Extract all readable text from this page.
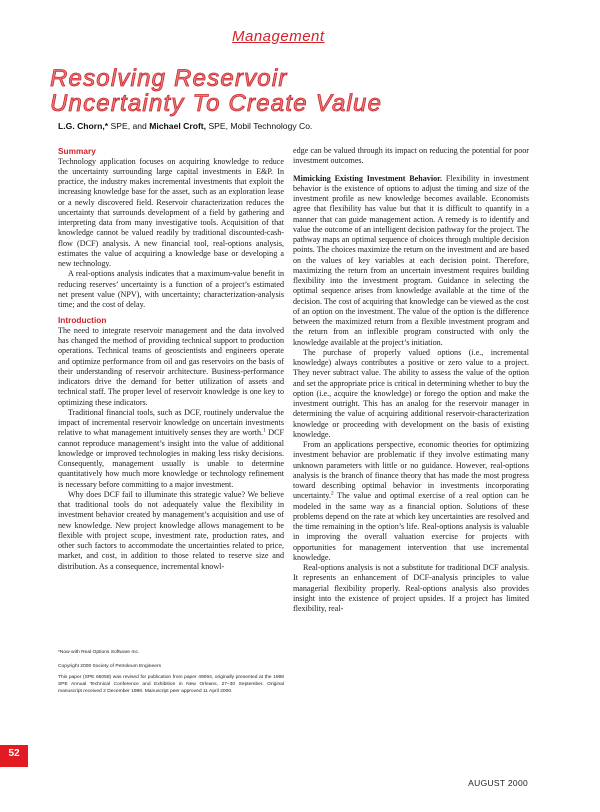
Management
Resolving Reservoir
Uncertainty To Create Value
L.G. Chorn,* SPE, and Michael Croft, SPE, Mobil Technology Co.
Summary

Technology application focuses on acquiring knowledge to reduce the uncertainty surrounding large capital investments in E&P. In practice, the industry makes incremental investments that exploit the increasing knowledge base for the asset, such as an exploration lease or a newly discovered field. Reservoir characterization reduces the uncertainty that surrounds development of a field by gathering and interpreting data from many investigative tools. Acquisition of that knowledge cannot be valued readily by traditional discounted-cash-flow (DCF) analysis. A new financial tool, real-options analysis, estimates the value of acquiring a knowledge base or developing a new technology.

A real-options analysis indicates that a maximum-value benefit in reducing reserves’ uncertainty is a function of a project’s estimated net present value (NPV), with uncertainty; characterization-analysis time; and the cost of delay.

Introduction

The need to integrate reservoir management and the data involved has changed the method of providing technical support to production operations. Technical teams of geoscientists and engineers operate and optimize performance from oil and gas reservoirs on the basis of their understanding of reservoir architecture. Business-performance indicators drive the demand for better utilization of assets and technical staff. The proper level of reservoir knowledge is one key to optimizing these indicators.

Traditional financial tools, such as DCF, routinely undervalue the impact of incremental reservoir knowledge on uncertain investments relative to what management intuitively senses they are worth.$^1$ DCF cannot reproduce management’s insight into the value of additional knowledge or improved technologies in making less risky decisions. Consequently, management usually is unable to determine quantitatively how much more knowledge or technology refinement is necessary before committing to a major investment.

Why does DCF fail to illuminate this strategic value? We believe that traditional tools do not adequately value the flexibility in investment behavior created by management’s acquisition and use of new knowledge. New project knowledge allows management to be flexible with project scope, investment rate, production rates, and other such factors to accommodate the uncertainties related to price, market, and cost, in addition to those related to reserve size and distribution. As a consequence, incremental knowl-

edge can be valued through its impact on reducing the potential for poor investment outcomes.

Mimicking Existing Investment Behavior. Flexibility in investment behavior is the existence of options to adjust the timing and size of the investment profile as new knowledge becomes available. Economists agree that flexibility has value but that it is difficult to quantify in a manner that can guide management action. A remedy is to identify and value the outcome of an intelligent decision pathway for the project. The pathway maps an optimal sequence of choices through multiple decision points. The choices maximize the return on the investment and are based on the values of key variables at each decision point. Therefore, maximizing the return from an uncertain investment requires building flexibility into the investment program. Guidance in selecting the optimal sequence arises from knowledge available at the time of the decision. The cost of acquiring that knowledge can be viewed as the cost of an option on the investment. The value of the option is the difference between the maximized return from a flexible investment program and the return from an inflexible program constructed with only the knowledge available at the project’s initiation.

The purchase of properly valued options (i.e., incremental knowledge) always contributes a positive or zero value to a project. They never subtract value. The ability to assess the value of the option and set the appropriate price is critical in determining whether to buy the option (i.e., acquire the knowledge) or forego the option and make the investment outright. This has an analog for the reservoir manager in determining the value of acquiring additional reservoir-characterization knowledge or proceeding with development on the basis of existing knowledge.

From an applications perspective, economic theories for optimizing investment behavior are problematic if they involve estimating many unknown parameters with little or no guidance. However, real-options analysis is the branch of finance theory that has made the most progress toward describing optimal behavior in investments incorporating uncertainty.$^2$ The value and optimal exercise of a real option can be modeled in the same way as a financial option. Solutions of these problems depend on the rate at which key uncertainties are resolved and the time remaining in the option’s life. Real-options analysis is valuable in improving the overall valuation exercise for projects with opportunities for management intervention that use incremental knowledge.

Real-options analysis is not a substitute for traditional DCF analysis. It represents an enhancement of DCF-analysis principles to value managerial flexibility properly. Real-options analysis also provides insight into the existence of project upsides. If a project has limited flexibility, real-

*Now with Real Options Software Inc.

Copyright 2000 Society of Petroleum Engineers

This paper (SPE 65058) was revised for publication from paper 49094, originally presented at the 1998 SPE Annual Technical Conference and Exhibition in New Orleans, 27–30 September. Original manuscript received 2 December 1998. Manuscript peer approved 11 April 2000.

52
AUGUST 2000
